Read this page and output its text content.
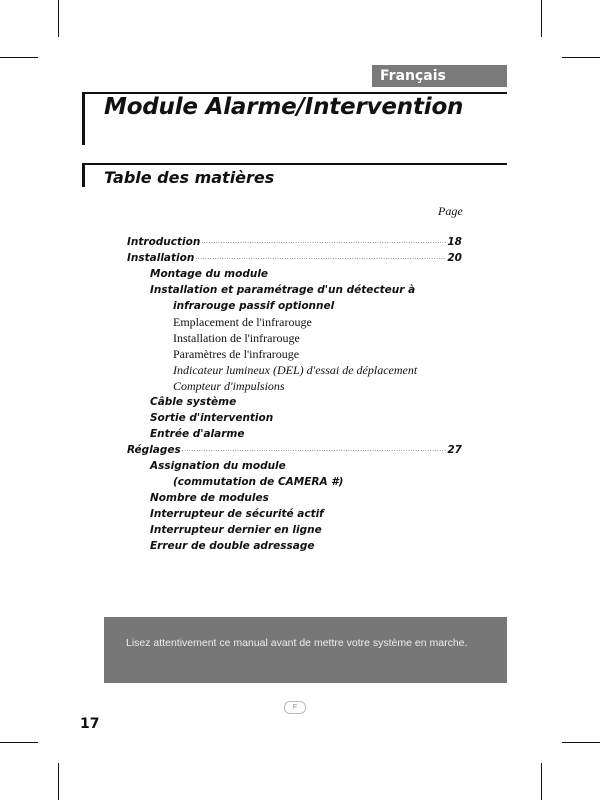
Français
Module Alarme/Intervention
Table des matières
Page
Introduction .....	18
Installation .....	20
Montage du module
Installation et paramétrage d'un détecteur à
infrarouge passif optionnel
Emplacement de l'infrarouge
Installation de l'infrarouge
Paramètres de l'infrarouge
Indicateur lumineux (DEL) d'essai de déplacement
Compteur d'impulsions
Câble système
Sortie d'intervention
Entrée d'alarme
Réglages .....	27
Assignation du module
(commutation de CAMERA #)
Nombre de modules
Interrupteur de sécurité actif
Interrupteur dernier en ligne
Erreur de double adressage
Lisez attentivement ce manual avant de mettre votre système en marche.
F
17
